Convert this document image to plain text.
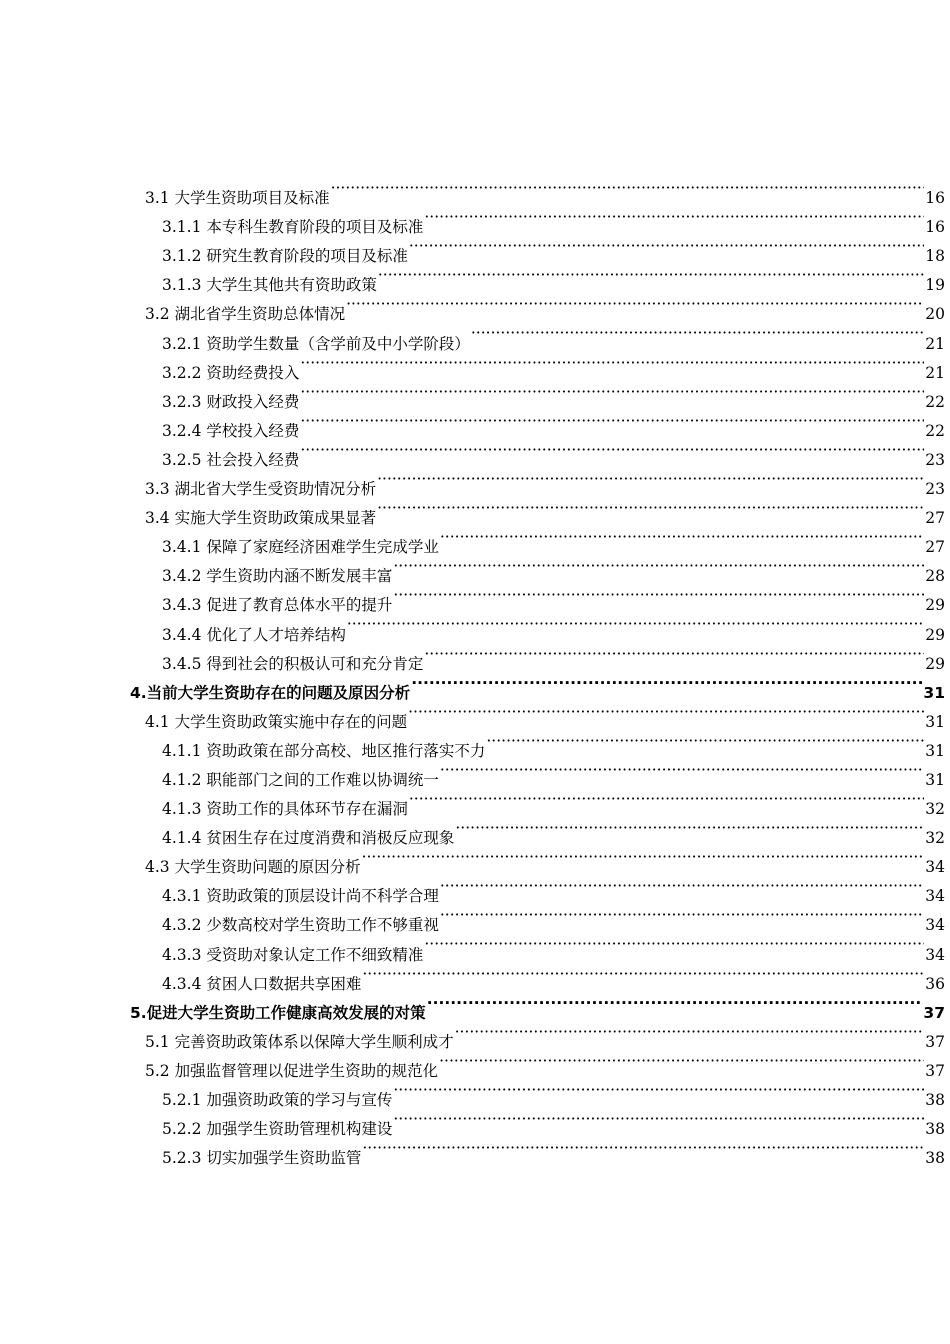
3.1 大学生资助项目及标准 ·····	16
3.1.1 本专科生教育阶段的项目及标准 ·····	16
3.1.2 研究生教育阶段的项目及标准 ·····	18
3.1.3 大学生其他共有资助政策 ·····	19
3.2 湖北省学生资助总体情况 ·····	20
3.2.1 资助学生数量（含学前及中小学阶段） ·····	21
3.2.2 资助经费投入 ·····	21
3.2.3 财政投入经费 ·····	22
3.2.4 学校投入经费 ·····	22
3.2.5 社会投入经费 ·····	23
3.3 湖北省大学生受资助情况分析 ·····	23
3.4 实施大学生资助政策成果显著 ·····	27
3.4.1 保障了家庭经济困难学生完成学业 ·····	27
3.4.2 学生资助内涵不断发展丰富 ·····	28
3.4.3 促进了教育总体水平的提升 ·····	29
3.4.4 优化了人才培养结构 ·····	29
3.4.5 得到社会的积极认可和充分肯定 ·····	29
4.当前大学生资助存在的问题及原因分析 ·····	31
4.1 大学生资助政策实施中存在的问题 ·····	31
4.1.1 资助政策在部分高校、地区推行落实不力 ·····	31
4.1.2 职能部门之间的工作难以协调统一 ·····	31
4.1.3 资助工作的具体环节存在漏洞 ·····	32
4.1.4 贫困生存在过度消费和消极反应现象 ·····	32
4.3 大学生资助问题的原因分析 ·····	34
4.3.1 资助政策的顶层设计尚不科学合理 ·····	34
4.3.2 少数高校对学生资助工作不够重视 ·····	34
4.3.3 受资助对象认定工作不细致精准 ·····	34
4.3.4 贫困人口数据共享困难 ·····	36
5.促进大学生资助工作健康高效发展的对策 ·····	37
5.1 完善资助政策体系以保障大学生顺利成才 ·····	37
5.2 加强监督管理以促进学生资助的规范化 ·····	37
5.2.1 加强资助政策的学习与宣传 ·····	38
5.2.2 加强学生资助管理机构建设 ·····	38
5.2.3 切实加强学生资助监管 ·····	38
